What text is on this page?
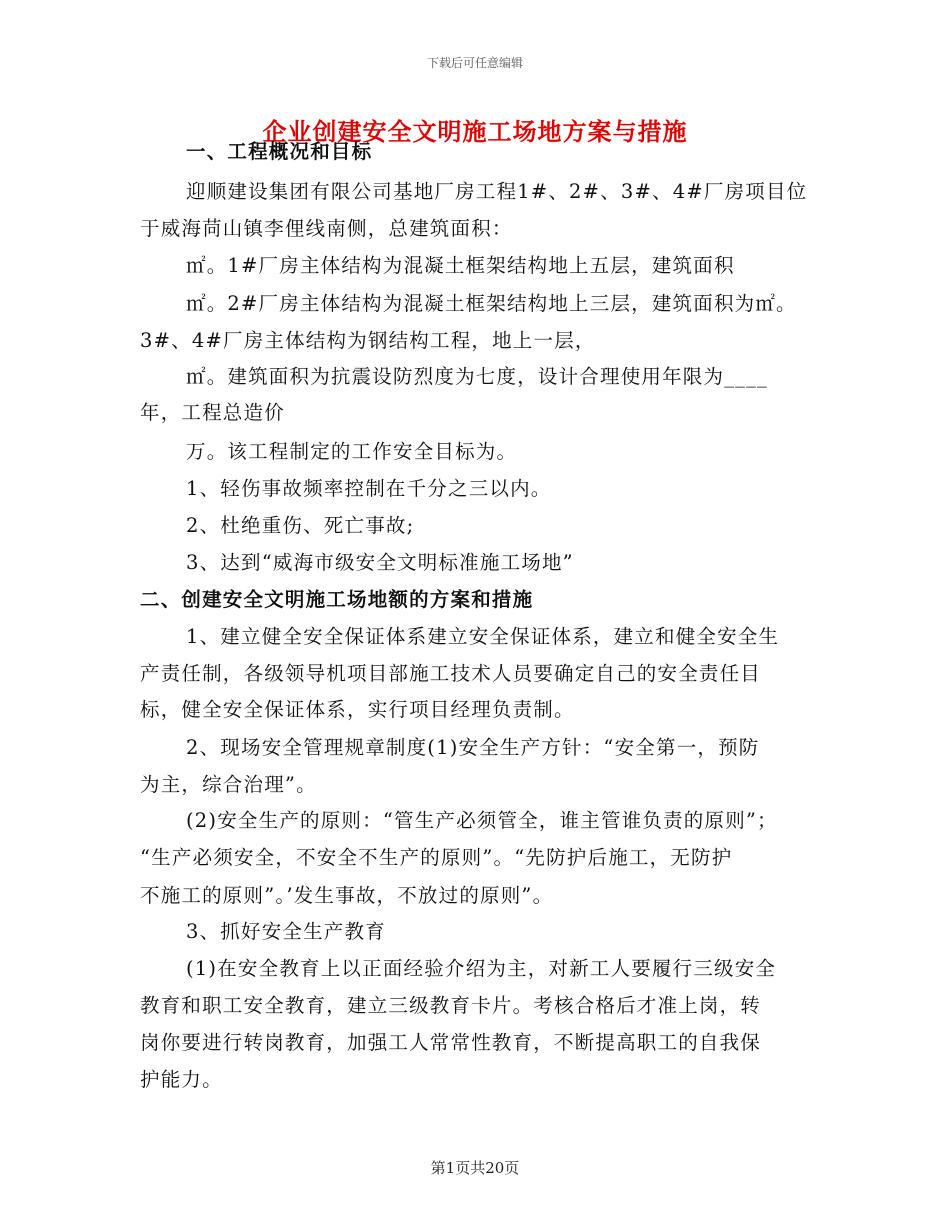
下载后可任意编辑
企业创建安全文明施工场地方案与措施
一、工程概况和目标
迎顺建设集团有限公司基地厂房工程1#、2#、3#、4#厂房项目位
于威海苘山镇李俚线南侧，总建筑面积：
㎡。1#厂房主体结构为混凝土框架结构地上五层，建筑面积
㎡。2#厂房主体结构为混凝土框架结构地上三层，建筑面积为㎡。
3#、4#厂房主体结构为钢结构工程，地上一层，
㎡。建筑面积为抗震设防烈度为七度，设计合理使用年限为____
年，工程总造价
万。该工程制定的工作安全目标为。
1、轻伤事故频率控制在千分之三以内。
2、杜绝重伤、死亡事故;
3、达到“威海市级安全文明标准施工场地”
二、创建安全文明施工场地额的方案和措施
1、建立健全安全保证体系建立安全保证体系，建立和健全安全生
产责任制，各级领导机项目部施工技术人员要确定自己的安全责任目
标，健全安全保证体系，实行项目经理负责制。
2、现场安全管理规章制度(1)安全生产方针：“安全第一，预防
为主，综合治理”。
(2)安全生产的原则：“管生产必须管全，谁主管谁负责的原则”；
“生产必须安全，不安全不生产的原则”。“先防护后施工，无防护
不施工的原则”。’发生事故，不放过的原则”。
3、抓好安全生产教育
(1)在安全教育上以正面经验介绍为主，对新工人要履行三级安全
教育和职工安全教育，建立三级教育卡片。考核合格后才准上岗，转
岗你要进行转岗教育，加强工人常常性教育，不断提高职工的自我保
护能力。
第1页共20页
